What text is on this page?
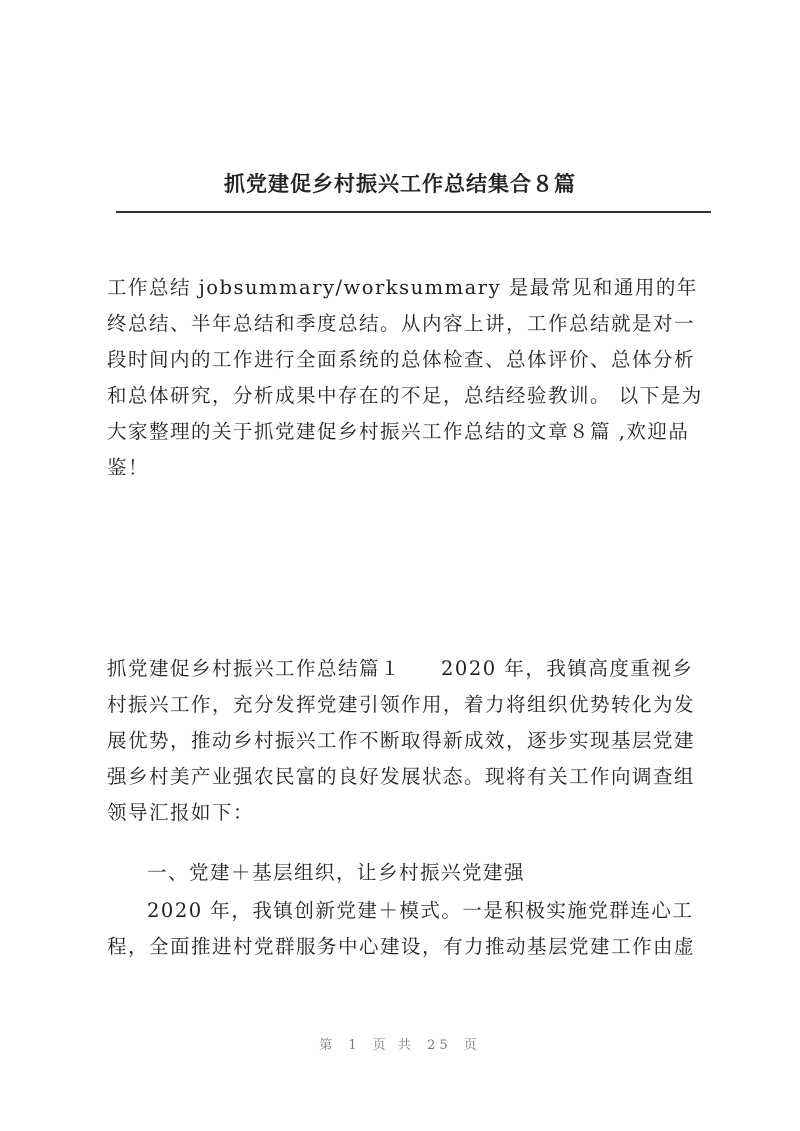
抓党建促乡村振兴工作总结集合８篇

工作总结 jobsummary/worksummary 是最常见和通用的年终总结、半年总结和季度总结。从内容上讲，工作总结就是对一段时间内的工作进行全面系统的总体检查、总体评价、总体分析和总体研究，分析成果中存在的不足，总结经验教训。 以下是为大家整理的关于抓党建促乡村振兴工作总结的文章８篇 ,欢迎品鉴！

抓党建促乡村振兴工作总结篇１ 2020 年，我镇高度重视乡村振兴工作，充分发挥党建引领作用，着力将组织优势转化为发展优势，推动乡村振兴工作不断取得新成效，逐步实现基层党建强乡村美产业强农民富的良好发展状态。现将有关工作向调查组领导汇报如下：

一、党建＋基层组织，让乡村振兴党建强

2020 年，我镇创新党建＋模式。一是积极实施党群连心工程，全面推进村党群服务中心建设，有力推动基层党建工作由虚

第 1 页 共 25 页
